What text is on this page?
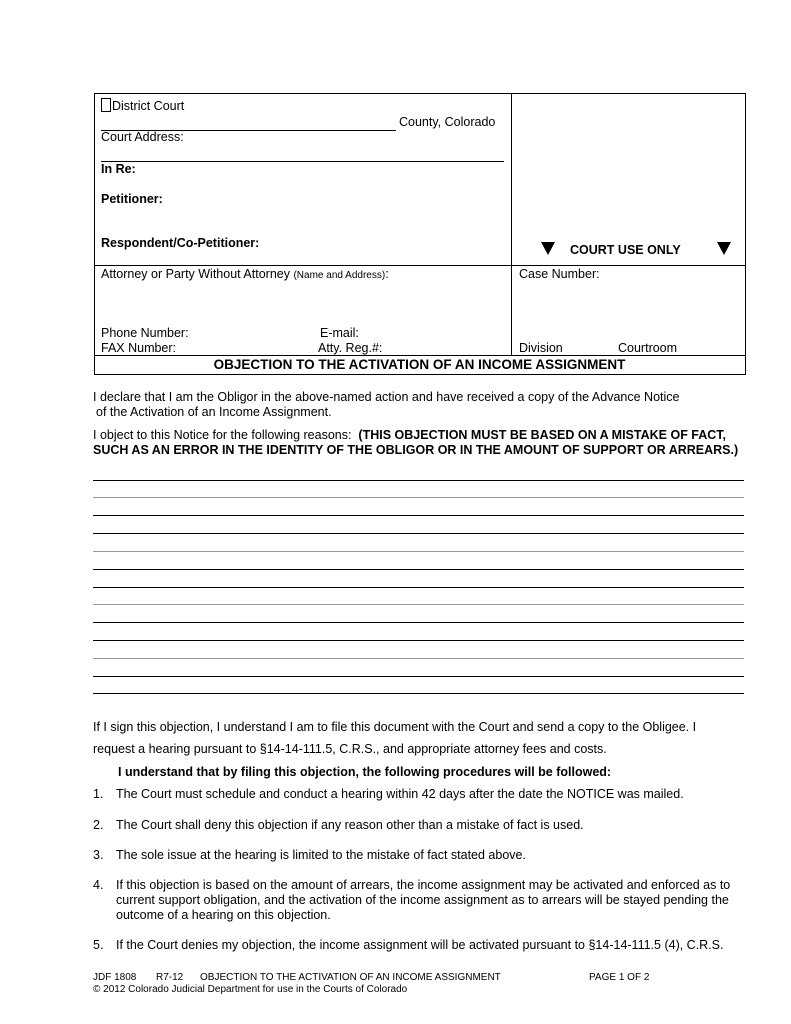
District Court
County, Colorado
Court Address:
In Re:
Petitioner:
Respondent/Co-Petitioner:	COURT USE ONLY
Attorney or Party Without Attorney (Name and Address):
Phone Number:	E-mail:
FAX Number:	Atty. Reg.#:
Case Number:
Division	Courtroom
OBJECTION TO THE ACTIVATION OF AN INCOME ASSIGNMENT
I declare that I am the Obligor in the above-named action and have received a copy of the Advance Notice
of the Activation of an Income Assignment.
I object to this Notice for the following reasons: (THIS OBJECTION MUST BE BASED ON A MISTAKE OF FACT,
SUCH AS AN ERROR IN THE IDENTITY OF THE OBLIGOR OR IN THE AMOUNT OF SUPPORT OR ARREARS.)
If I sign this objection, I understand I am to file this document with the Court and send a copy to the Obligee. I
request a hearing pursuant to §14-14-111.5, C.R.S., and appropriate attorney fees and costs.
I understand that by filing this objection, the following procedures will be followed:
1.	The Court must schedule and conduct a hearing within 42 days after the date the NOTICE was mailed.
2.	The Court shall deny this objection if any reason other than a mistake of fact is used.
3.	The sole issue at the hearing is limited to the mistake of fact stated above.
4.	If this objection is based on the amount of arrears, the income assignment may be activated and enforced as to current support obligation, and the activation of the income assignment as to arrears will be stayed pending the outcome of a hearing on this objection.
5.	If the Court denies my objection, the income assignment will be activated pursuant to §14-14-111.5 (4), C.R.S.
JDF 1808 R7-12 OBJECTION TO THE ACTIVATION OF AN INCOME ASSIGNMENT	PAGE 1 OF 2
© 2012 Colorado Judicial Department for use in the Courts of Colorado
